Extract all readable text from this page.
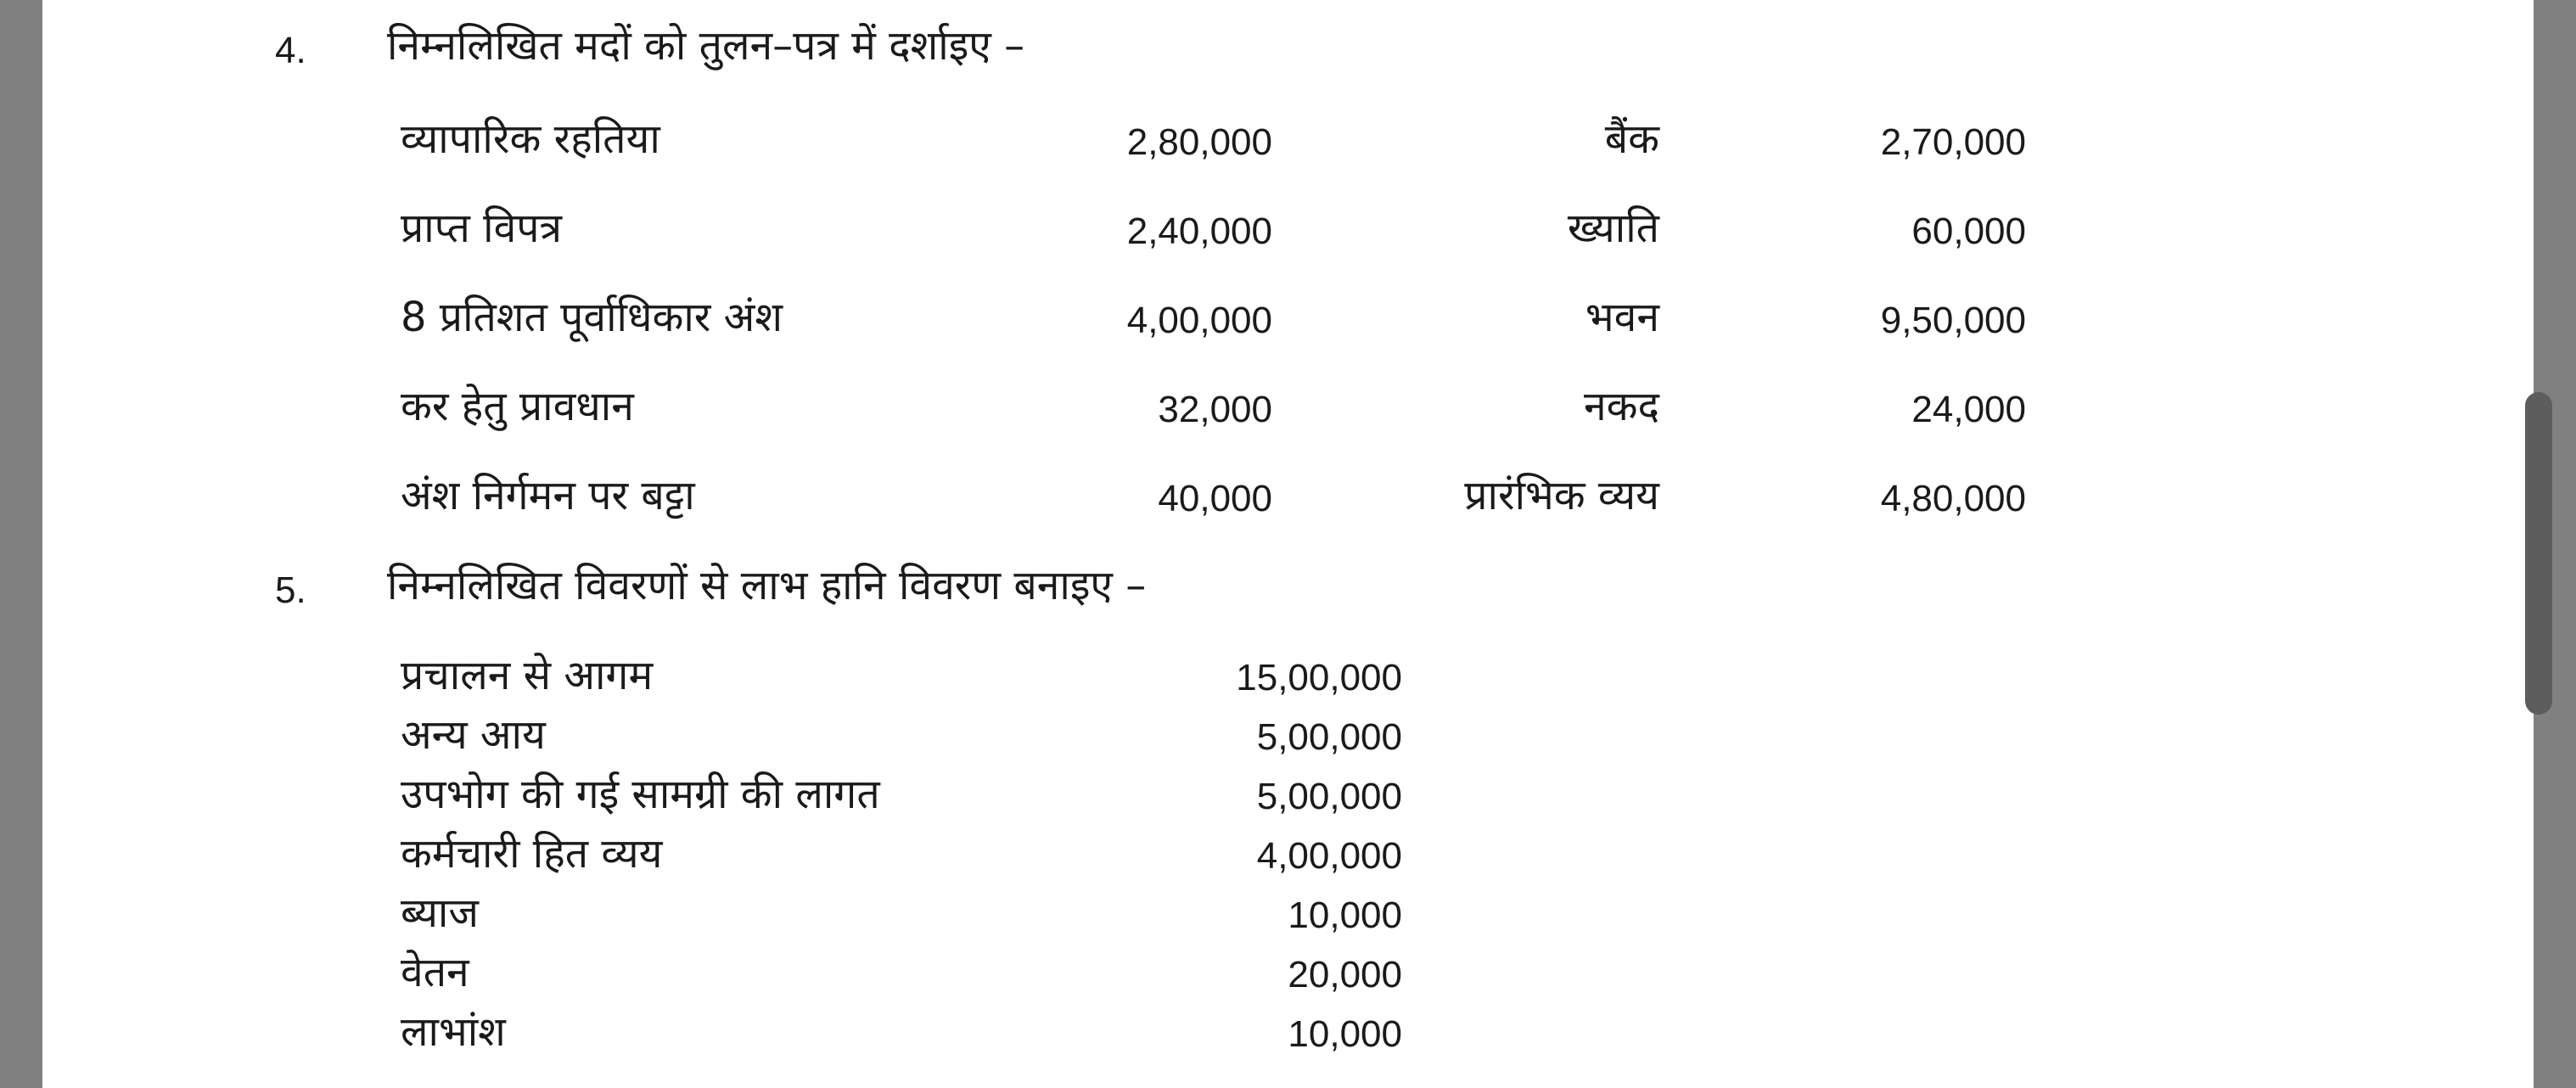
4. निम्नलिखित मदों को तुलन–पत्र में दर्शाइए –
व्यापारिक रहतिया	2,80,000	बैंक	2,70,000
प्राप्त विपत्र	2,40,000	ख्याति	60,000
8 प्रतिशत पूर्वाधिकार अंश	4,00,000	भवन	9,50,000
कर हेतु प्रावधान	32,000	नकद	24,000
अंश निर्गमन पर बट्टा	40,000	प्रारंभिक व्यय	4,80,000
5. निम्नलिखित विवरणों से लाभ हानि विवरण बनाइए –
प्रचालन से आगम	15,00,000
अन्य आय	5,00,000
उपभोग की गई सामग्री की लागत	5,00,000
कर्मचारी हित व्यय	4,00,000
ब्याज	10,000
वेतन	20,000
लाभांश	10,000
